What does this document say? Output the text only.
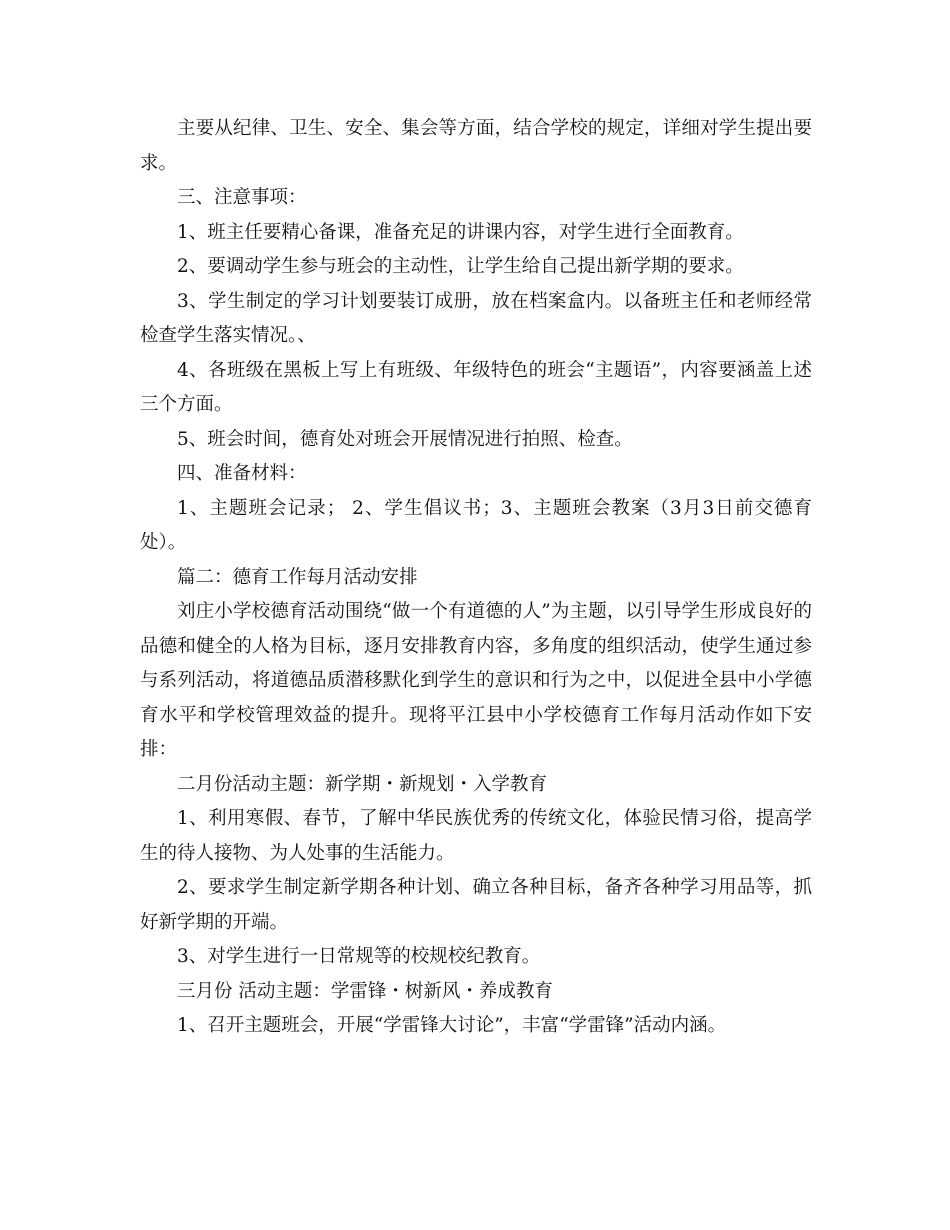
主要从纪律、卫生、安全、集会等方面，结合学校的规定，详细对学生提出要求。

三、注意事项：

1、班主任要精心备课，准备充足的讲课内容，对学生进行全面教育。

2、要调动学生参与班会的主动性，让学生给自己提出新学期的要求。

3、学生制定的学习计划要装订成册，放在档案盒内。以备班主任和老师经常检查学生落实情况。、

4、各班级在黑板上写上有班级、年级特色的班会“主题语”，内容要涵盖上述三个方面。

5、班会时间，德育处对班会开展情况进行拍照、检查。

四、准备材料：

1、主题班会记录； 2、学生倡议书；3、主题班会教案（3月3日前交德育处）。

篇二：德育工作每月活动安排

刘庄小学校德育活动围绕“做一个有道德的人”为主题，以引导学生形成良好的品德和健全的人格为目标，逐月安排教育内容，多角度的组织活动，使学生通过参与系列活动，将道德品质潜移默化到学生的意识和行为之中，以促进全县中小学德育水平和学校管理效益的提升。现将平江县中小学校德育工作每月活动作如下安排：

二月份活动主题：新学期・新规划・入学教育

1、利用寒假、春节，了解中华民族优秀的传统文化，体验民情习俗，提高学生的待人接物、为人处事的生活能力。

2、要求学生制定新学期各种计划、确立各种目标，备齐各种学习用品等，抓好新学期的开端。

3、对学生进行一日常规等的校规校纪教育。

三月份 活动主题：学雷锋・树新风・养成教育

1、召开主题班会，开展“学雷锋大讨论”，丰富“学雷锋”活动内涵。
